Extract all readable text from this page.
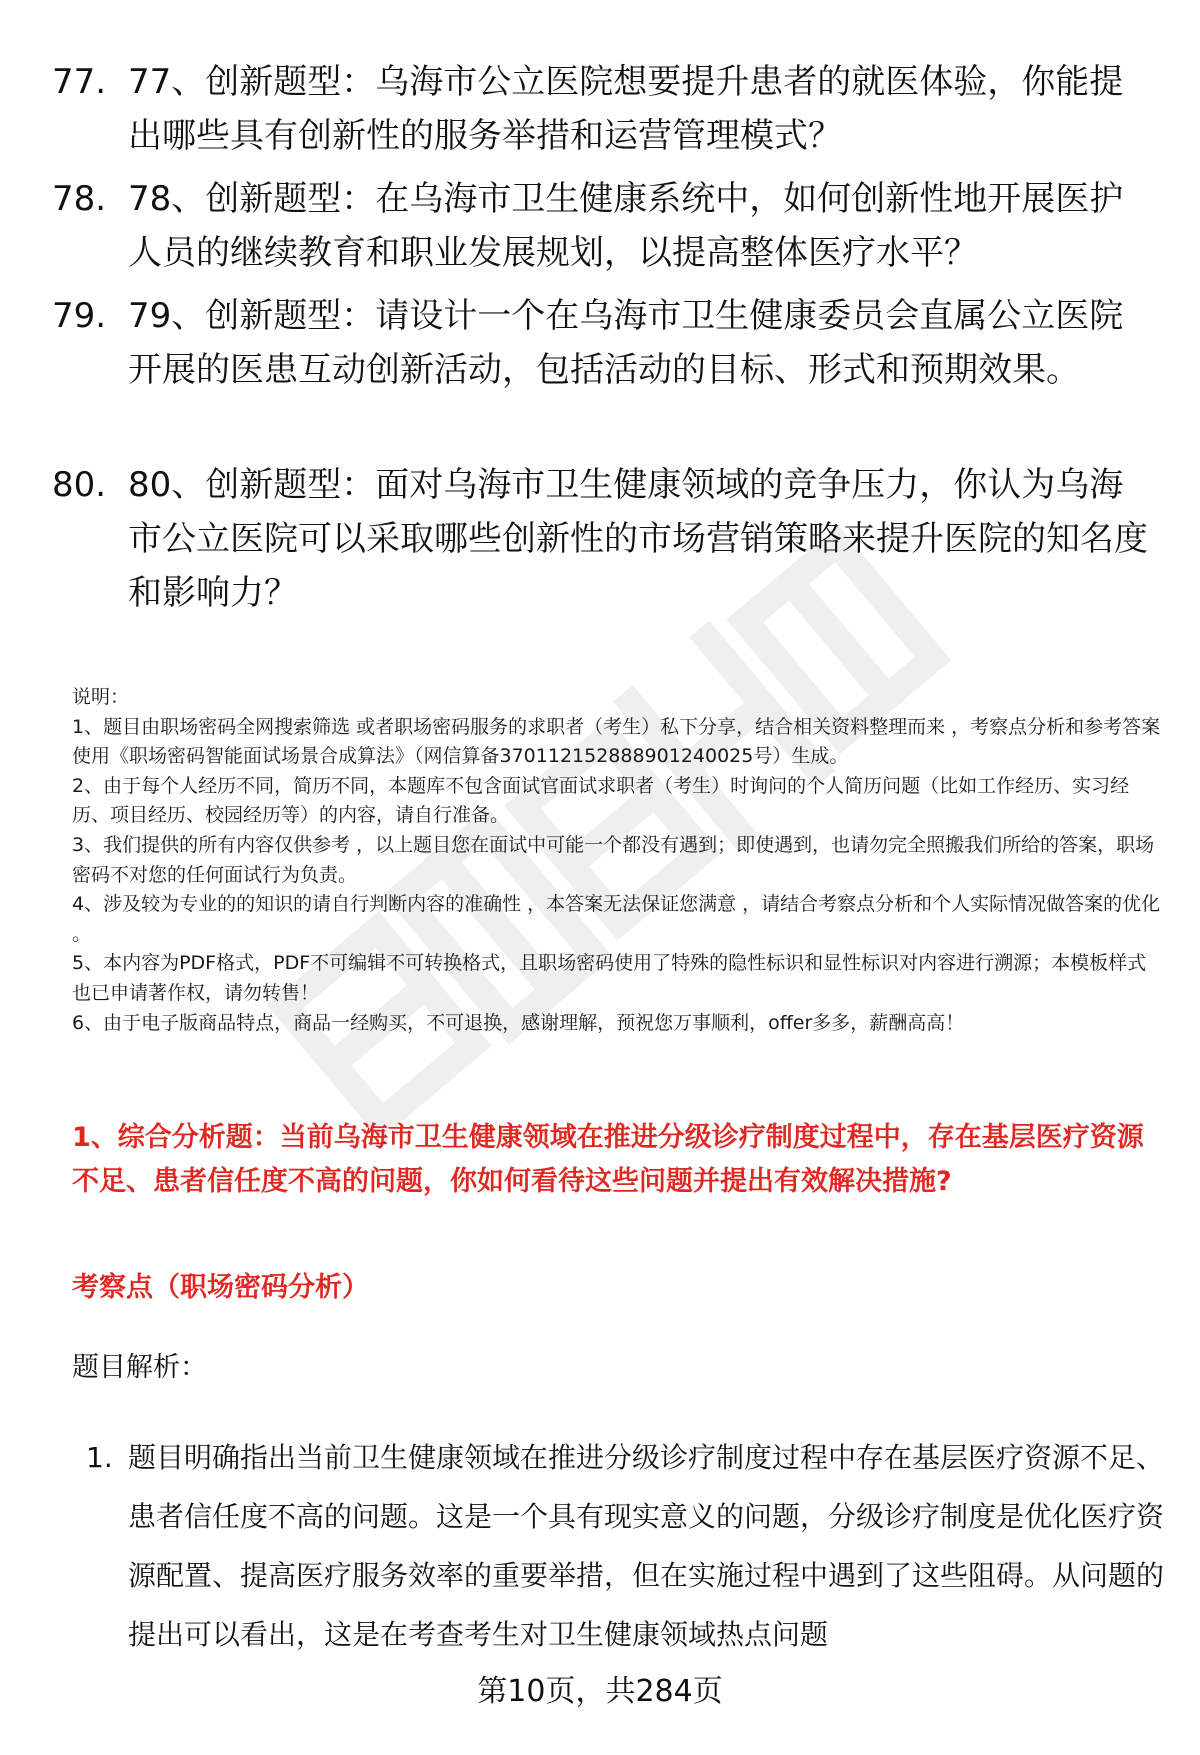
77. 77、创新题型：乌海市公立医院想要提升患者的就医体验，你能提出哪些具有创新性的服务举措和运营管理模式？
78. 78、创新题型：在乌海市卫生健康系统中，如何创新性地开展医护人员的继续教育和职业发展规划，以提高整体医疗水平？
79. 79、创新题型：请设计一个在乌海市卫生健康委员会直属公立医院开展的医患互动创新活动，包括活动的目标、形式和预期效果。
80. 80、创新题型：面对乌海市卫生健康领域的竞争压力，你认为乌海市公立医院可以采取哪些创新性的市场营销策略来提升医院的知名度和影响力？

说明：

1、题目由职场密码全网搜索筛选 或者职场密码服务的求职者（考生）私下分享，结合相关资料整理而来 ，考察点分析和参考答案使用《职场密码智能面试场景合成算法》（网信算备370112152888901240025号）生成。

2、由于每个人经历不同，简历不同，本题库不包含面试官面试求职者（考生）时询问的个人简历问题（比如工作经历、实习经历、项目经历、校园经历等）的内容，请自行准备。

3、我们提供的所有内容仅供参考 ，以上题目您在面试中可能一个都没有遇到；即使遇到，也请勿完全照搬我们所给的答案，职场密码不对您的任何面试行为负责。

4、涉及较为专业的的知识的请自行判断内容的准确性 ，本答案无法保证您满意 ，请结合考察点分析和个人实际情况做答案的优化 。

5、本内容为PDF格式，PDF不可编辑不可转换格式，且职场密码使用了特殊的隐性标识和显性标识对内容进行溯源；本模板样式也已申请著作权，请勿转售！

6、由于电子版商品特点，商品一经购买，不可退换，感谢理解，预祝您万事顺利，offer多多，薪酬高高！

1、综合分析题：当前乌海市卫生健康领域在推进分级诊疗制度过程中，存在基层医疗资源不足、患者信任度不高的问题，你如何看待这些问题并提出有效解决措施?
考察点（职场密码分析）
题目解析：
1. 题目明确指出当前卫生健康领域在推进分级诊疗制度过程中存在基层医疗资源不足、患者信任度不高的问题。这是一个具有现实意义的问题，分级诊疗制度是优化医疗资源配置、提高医疗服务效率的重要举措，但在实施过程中遇到了这些阻碍。从问题的提出可以看出，这是在考查考生对卫生健康领域热点问题
第10页，共284页
